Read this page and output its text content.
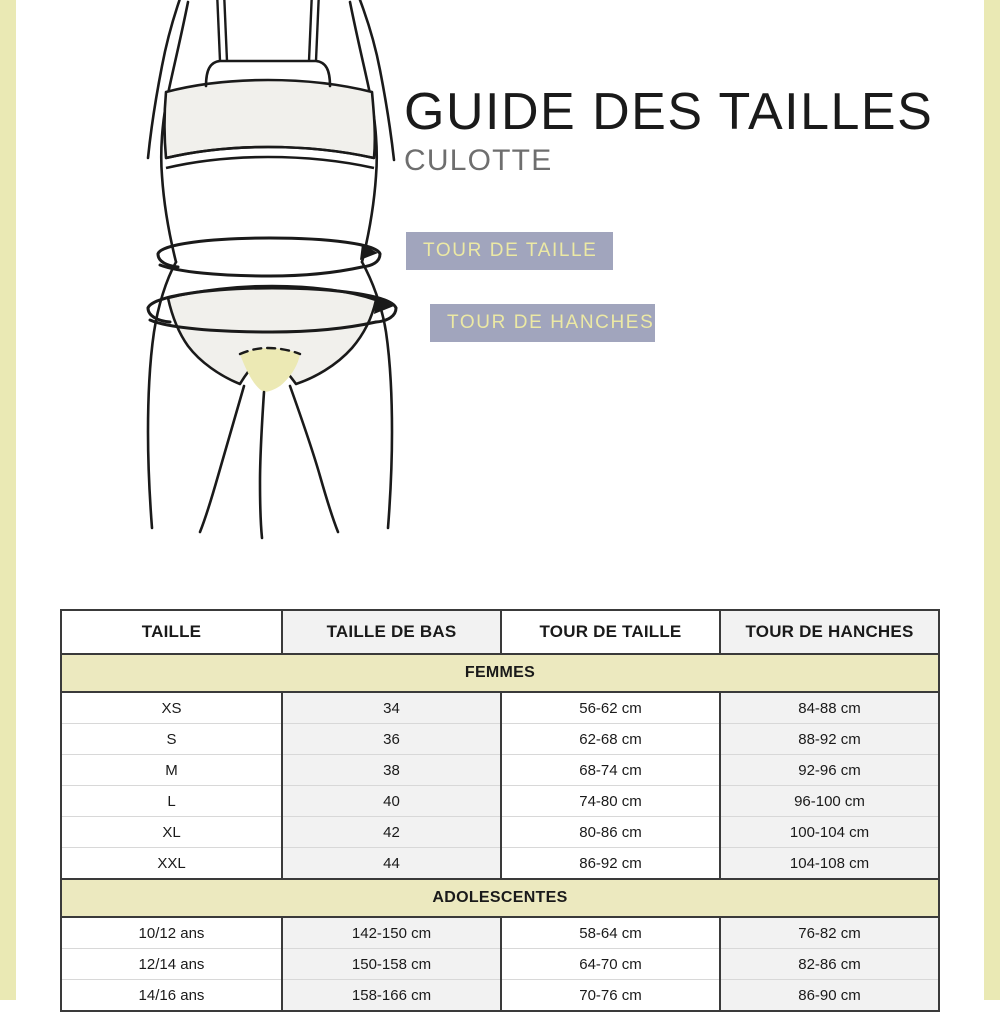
GUIDE DES TAILLES
CULOTTE
TOUR DE TAILLE
TOUR DE HANCHES
TAILLE	TAILLE DE BAS	TOUR DE TAILLE	TOUR DE HANCHES
FEMMES			
XS	34	56-62 cm	84-88 cm
S	36	62-68 cm	88-92 cm
M	38	68-74 cm	92-96 cm
L	40	74-80 cm	96-100 cm
XL	42	80-86 cm	100-104 cm
XXL	44	86-92 cm	104-108 cm
ADOLESCENTES			
10/12 ans	142-150 cm	58-64 cm	76-82 cm
12/14 ans	150-158 cm	64-70 cm	82-86 cm
14/16 ans	158-166 cm	70-76 cm	86-90 cm
